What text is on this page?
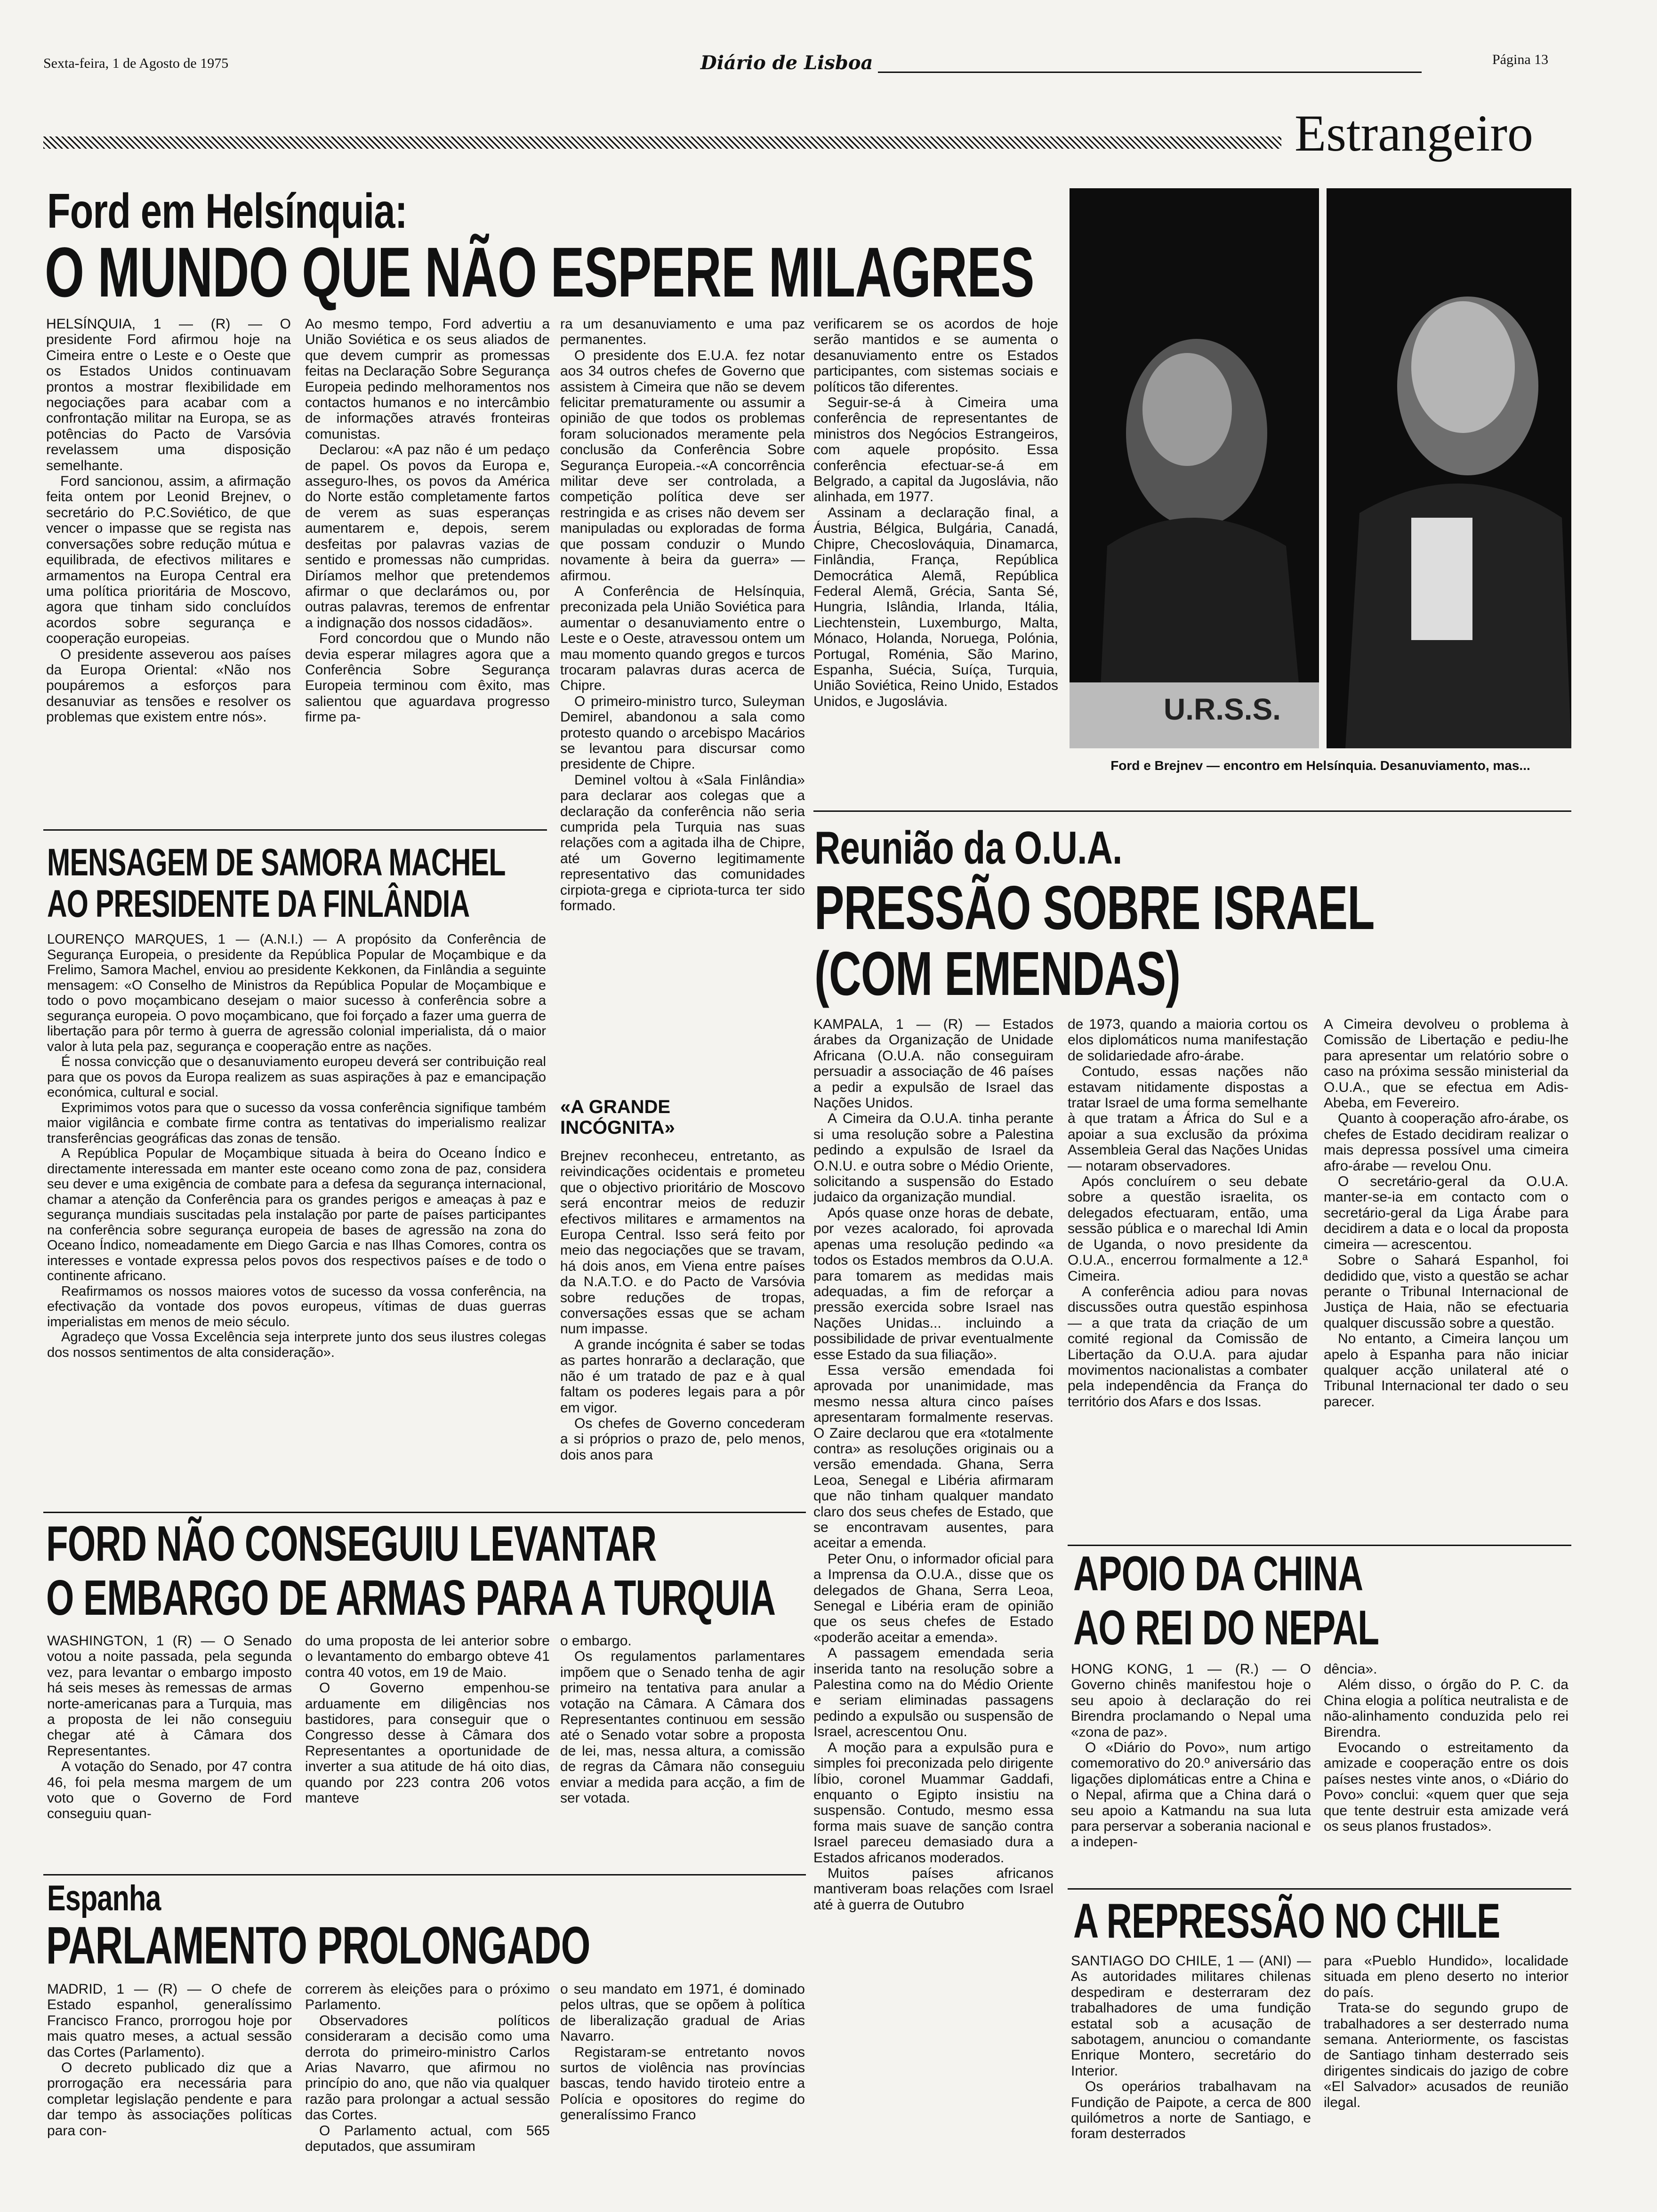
Sexta-feira, 1 de Agosto de 1975	Diário de Lisboa	Página 13
Estrangeiro
Ford em Helsínquia:
O MUNDO QUE NÃO ESPERE MILAGRES

HELSÍNQUIA, 1 — (R) — O presidente Ford afirmou hoje na Cimeira entre o Leste e o Oeste que os Estados Unidos continuavam prontos a mostrar flexibilidade em negociações para acabar com a confrontação militar na Europa, se as potências do Pacto de Varsóvia revelassem uma disposição semelhante.

Ford sancionou, assim, a afirmação feita ontem por Leonid Brejnev, o secretário do P.C.Soviético, de que vencer o impasse que se regista nas conversações sobre redução mútua e equilibrada, de efectivos militares e armamentos na Europa Central era uma política prioritária de Moscovo, agora que tinham sido concluídos acordos sobre segurança e cooperação europeias.

O presidente asseverou aos países da Europa Oriental: «Não nos poupáremos a esforços para desanuviar as tensões e resolver os problemas que existem entre nós».

Ao mesmo tempo, Ford advertiu a União Soviética e os seus aliados de que devem cumprir as promessas feitas na Declaração Sobre Segurança Europeia pedindo melhoramentos nos contactos humanos e no intercâmbio de informações através fronteiras comunistas.

Declarou: «A paz não é um pedaço de papel. Os povos da Europa e, asseguro-lhes, os povos da América do Norte estão completamente fartos de verem as suas esperanças aumentarem e, depois, serem desfeitas por palavras vazias de sentido e promessas não cumpridas. Diríamos melhor que pretendemos afirmar o que declarámos ou, por outras palavras, teremos de enfrentar a indignação dos nossos cidadãos».

Ford concordou que o Mundo não devia esperar milagres agora que a Conferência Sobre Segurança Europeia terminou com êxito, mas salientou que aguardava progresso firme pa-

ra um desanuviamento e uma paz permanentes.

O presidente dos E.U.A. fez notar aos 34 outros chefes de Governo que assistem à Cimeira que não se devem felicitar prematuramente ou assumir a opinião de que todos os problemas foram solucionados meramente pela conclusão da Conferência Sobre Segurança Europeia.-«A concorrência militar deve ser controlada, a competição política deve ser restringida e as crises não devem ser manipuladas ou exploradas de forma que possam conduzir o Mundo novamente à beira da guerra» — afirmou.

A Conferência de Helsínquia, preconizada pela União Soviética para aumentar o desanuviamento entre o Leste e o Oeste, atravessou ontem um mau momento quando gregos e turcos trocaram palavras duras acerca de Chipre.

O primeiro-ministro turco, Suleyman Demirel, abandonou a sala como protesto quando o arcebispo Macários se levantou para discursar como presidente de Chipre.

Deminel voltou à «Sala Finlândia» para declarar aos colegas que a declaração da conferência não seria cumprida pela Turquia nas suas relações com a agitada ilha de Chipre, até um Governo legitimamente representativo das comunidades cirpiota-grega e cipriota-turca ter sido formado.

«A GRANDE INCÓGNITA»

Brejnev reconheceu, entretanto, as reivindicações ocidentais e prometeu que o objectivo prioritário de Moscovo será encontrar meios de reduzir efectivos militares e armamentos na Europa Central. Isso será feito por meio das negociações que se travam, há dois anos, em Viena entre países da N.A.T.O. e do Pacto de Varsóvia sobre reduções de tropas, conversações essas que se acham num impasse.

A grande incógnita é saber se todas as partes honrarão a declaração, que não é um tratado de paz e à qual faltam os poderes legais para a pôr em vigor.

Os chefes de Governo concederam a si próprios o prazo de, pelo menos, dois anos para

verificarem se os acordos de hoje serão mantidos e se aumenta o desanuviamento entre os Estados participantes, com sistemas sociais e políticos tão diferentes.

Seguir-se-á à Cimeira uma conferência de representantes de ministros dos Negócios Estrangeiros, com aquele propósito. Essa conferência efectuar-se-á em Belgrado, a capital da Jugoslávia, não alinhada, em 1977.

Assinam a declaração final, a Áustria, Bélgica, Bulgária, Canadá, Chipre, Checoslováquia, Dinamarca, Finlândia, França, República Democrática Alemã, República Federal Alemã, Grécia, Santa Sé, Hungria, Islândia, Irlanda, Itália, Liechtenstein, Luxemburgo, Malta, Mónaco, Holanda, Noruega, Polónia, Portugal, Roménia, São Marino, Espanha, Suécia, Suíça, Turquia, União Soviética, Reino Unido, Estados Unidos, e Jugoslávia.	U.R.S.S.
Ford e Brejnev — encontro em Helsínquia. Desanuviamento, mas...
MENSAGEM DE SAMORA MACHEL
AO PRESIDENTE DA FINLÂNDIA

LOURENÇO MARQUES, 1 — (A.N.I.) — A propósito da Conferência de Segurança Europeia, o presidente da República Popular de Moçambique e da Frelimo, Samora Machel, enviou ao presidente Kekkonen, da Finlândia a seguinte mensagem: «O Conselho de Ministros da República Popular de Moçambique e todo o povo moçambicano desejam o maior sucesso à conferência sobre a segurança europeia. O povo moçambicano, que foi forçado a fazer uma guerra de libertação para pôr termo à guerra de agressão colonial imperialista, dá o maior valor à luta pela paz, segurança e cooperação entre as nações.

É nossa convicção que o desanuviamento europeu deverá ser contribuição real para que os povos da Europa realizem as suas aspirações à paz e emancipação económica, cultural e social.

Exprimimos votos para que o sucesso da vossa conferência signifique também maior vigilância e combate firme contra as tentativas do imperialismo realizar transferências geográficas das zonas de tensão.

A República Popular de Moçambique situada à beira do Oceano Índico e directamente interessada em manter este oceano como zona de paz, considera seu dever e uma exigência de combate para a defesa da segurança internacional, chamar a atenção da Conferência para os grandes perigos e ameaças à paz e segurança mundiais suscitadas pela instalação por parte de países participantes na conferência sobre segurança europeia de bases de agressão na zona do Oceano Índico, nomeadamente em Diego Garcia e nas Ilhas Comores, contra os interesses e vontade expressa pelos povos dos respectivos países e de todo o continente africano.

Reafirmamos os nossos maiores votos de sucesso da vossa conferência, na efectivação da vontade dos povos europeus, vítimas de duas guerras imperialistas em menos de meio século.

Agradeço que Vossa Excelência seja interprete junto dos seus ilustres colegas dos nossos sentimentos de alta consideração».

Reunião da O.U.A.
PRESSÃO SOBRE ISRAEL
(COM EMENDAS)

KAMPALA, 1 — (R) — Estados árabes da Organização de Unidade Africana (O.U.A. não conseguiram persuadir a associação de 46 países a pedir a expulsão de Israel das Nações Unidos.

A Cimeira da O.U.A. tinha perante si uma resolução sobre a Palestina pedindo a expulsão de Israel da O.N.U. e outra sobre o Médio Oriente, solicitando a suspensão do Estado judaico da organização mundial.

Após quase onze horas de debate, por vezes acalorado, foi aprovada apenas uma resolução pedindo «a todos os Estados membros da O.U.A. para tomarem as medidas mais adequadas, a fim de reforçar a pressão exercida sobre Israel nas Nações Unidas... incluindo a possibilidade de privar eventualmente esse Estado da sua filiação».

Essa versão emendada foi aprovada por unanimidade, mas mesmo nessa altura cinco países apresentaram formalmente reservas. O Zaire declarou que era «totalmente contra» as resoluções originais ou a versão emendada. Ghana, Serra Leoa, Senegal e Libéria afirmaram que não tinham qualquer mandato claro dos seus chefes de Estado, que se encontravam ausentes, para aceitar a emenda.

Peter Onu, o informador oficial para a Imprensa da O.U.A., disse que os delegados de Ghana, Serra Leoa, Senegal e Libéria eram de opinião que os seus chefes de Estado «poderão aceitar a emenda».

A passagem emendada seria inserida tanto na resolução sobre a Palestina como na do Médio Oriente e seriam eliminadas passagens pedindo a expulsão ou suspensão de Israel, acrescentou Onu.

A moção para a expulsão pura e simples foi preconizada pelo dirigente líbio, coronel Muammar Gaddafi, enquanto o Egipto insistiu na suspensão. Contudo, mesmo essa forma mais suave de sanção contra Israel pareceu demasiado dura a Estados africanos moderados.

Muitos países africanos mantiveram boas relações com Israel até à guerra de Outubro

de 1973, quando a maioria cortou os elos diplomáticos numa manifestação de solidariedade afro-árabe.

Contudo, essas nações não estavam nitidamente dispostas a tratar Israel de uma forma semelhante à que tratam a África do Sul e a apoiar a sua exclusão da próxima Assembleia Geral das Nações Unidas — notaram observadores.

Após concluírem o seu debate sobre a questão israelita, os delegados efectuaram, então, uma sessão pública e o marechal Idi Amin de Uganda, o novo presidente da O.U.A., encerrou formalmente a 12.ª Cimeira.

A conferência adiou para novas discussões outra questão espinhosa — a que trata da criação de um comité regional da Comissão de Libertação da O.U.A. para ajudar movimentos nacionalistas a combater pela independência da França do território dos Afars e dos Issas.

A Cimeira devolveu o problema à Comissão de Libertação e pediu-lhe para apresentar um relatório sobre o caso na próxima sessão ministerial da O.U.A., que se efectua em Adis-Abeba, em Fevereiro.

Quanto à cooperação afro-árabe, os chefes de Estado decidiram realizar o mais depressa possível uma cimeira afro-árabe — revelou Onu.

O secretário-geral da O.U.A. manter-se-ia em contacto com o secretário-geral da Liga Árabe para decidirem a data e o local da proposta cimeira — acrescentou.

Sobre o Sahará Espanhol, foi dedidido que, visto a questão se achar perante o Tribunal Internacional de Justiça de Haia, não se efectuaria qualquer discussão sobre a questão.

No entanto, a Cimeira lançou um apelo à Espanha para não iniciar qualquer acção unilateral até o Tribunal Internacional ter dado o seu parecer.

FORD NÃO CONSEGUIU LEVANTAR
O EMBARGO DE ARMAS PARA A TURQUIA

WASHINGTON, 1 (R) — O Senado votou a noite passada, pela segunda vez, para levantar o embargo imposto há seis meses às remessas de armas norte-americanas para a Turquia, mas a proposta de lei não conseguiu chegar até à Câmara dos Representantes.

A votação do Senado, por 47 contra 46, foi pela mesma margem de um voto que o Governo de Ford conseguiu quan-

do uma proposta de lei anterior sobre o levantamento do embargo obteve 41 contra 40 votos, em 19 de Maio.

O Governo empenhou-se arduamente em diligências nos bastidores, para conseguir que o Congresso desse à Câmara dos Representantes a oportunidade de inverter a sua atitude de há oito dias, quando por 223 contra 206 votos manteve

o embargo.

Os regulamentos parlamentares impõem que o Senado tenha de agir primeiro na tentativa para anular a votação na Câmara. A Câmara dos Representantes continuou em sessão até o Senado votar sobre a proposta de lei, mas, nessa altura, a comissão de regras da Câmara não conseguiu enviar a medida para acção, a fim de ser votada.

Espanha
PARLAMENTO PROLONGADO

MADRID, 1 — (R) — O chefe de Estado espanhol, generalíssimo Francisco Franco, prorrogou hoje por mais quatro meses, a actual sessão das Cortes (Parlamento).

O decreto publicado diz que a prorrogação era necessária para completar legislação pendente e para dar tempo às associações políticas para con-

correrem às eleições para o próximo Parlamento.

Observadores políticos consideraram a decisão como uma derrota do primeiro-ministro Carlos Arias Navarro, que afirmou no princípio do ano, que não via qualquer razão para prolongar a actual sessão das Cortes.

O Parlamento actual, com 565 deputados, que assumiram

o seu mandato em 1971, é dominado pelos ultras, que se opõem à política de liberalização gradual de Arias Navarro.

Registaram-se entretanto novos surtos de violência nas províncias bascas, tendo havido tiroteio entre a Polícia e opositores do regime do generalíssimo Franco

APOIO DA CHINA
AO REI DO NEPAL

HONG KONG, 1 — (R.) — O Governo chinês manifestou hoje o seu apoio à declaração do rei Birendra proclamando o Nepal uma «zona de paz».

O «Diário do Povo», num artigo comemorativo do 20.º aniversário das ligações diplomáticas entre a China e o Nepal, afirma que a China dará o seu apoio a Katmandu na sua luta para perservar a soberania nacional e a indepen-

dência».

Além disso, o órgão do P. C. da China elogia a política neutralista e de não-alinhamento conduzida pelo rei Birendra.

Evocando o estreitamento da amizade e cooperação entre os dois países nestes vinte anos, o «Diário do Povo» conclui: «quem quer que seja que tente destruir esta amizade verá os seus planos frustados».

A REPRESSÃO NO CHILE

SANTIAGO DO CHILE, 1 — (ANI) — As autoridades militares chilenas despediram e desterraram dez trabalhadores de uma fundição estatal sob a acusação de sabotagem, anunciou o comandante Enrique Montero, secretário do Interior.

Os operários trabalhavam na Fundição de Paipote, a cerca de 800 quilómetros a norte de Santiago, e foram desterrados

para «Pueblo Hundido», localidade situada em pleno deserto no interior do país.

Trata-se do segundo grupo de trabalhadores a ser desterrado numa semana. Anteriormente, os fascistas de Santiago tinham desterrado seis dirigentes sindicais do jazigo de cobre «El Salvador» acusados de reunião ilegal.
